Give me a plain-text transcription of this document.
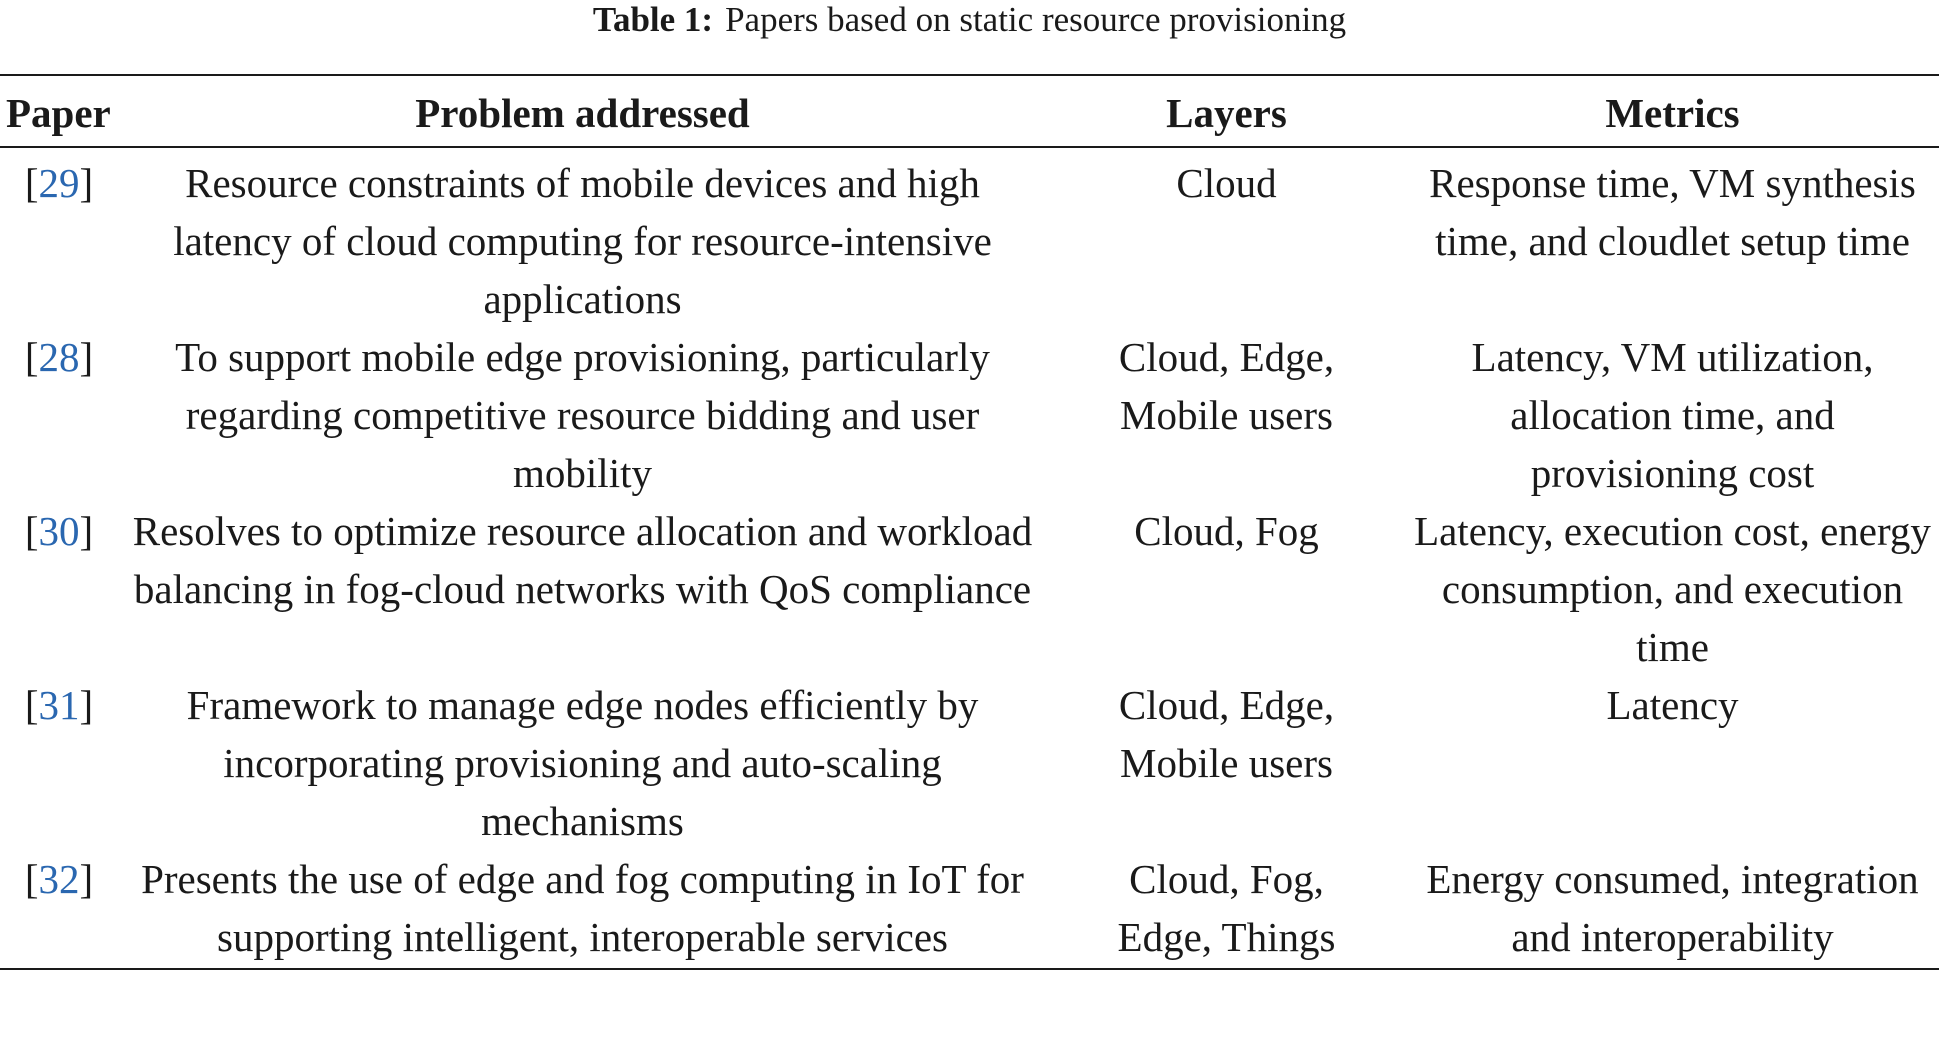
Table 1: Papers based on static resource provisioning
Paper	Problem addressed	Layers	Metrics
[29]	Resource constraints of mobile devices and high latency of cloud computing for resource-intensive applications	Cloud	Response time, VM synthesis time, and cloudlet setup time

[28]	To support mobile edge provisioning, particularly regarding competitive resource bidding and user mobility	Cloud, Edge, Mobile users	Latency, VM utilization, allocation time, and provisioning cost

[30]	Resolves to optimize resource allocation and workload balancing in fog-cloud networks with QoS compliance	Cloud, Fog	Latency, execution cost, energy consumption, and execution time

[31]	Framework to manage edge nodes efficiently by incorporating provisioning and auto-scaling mechanisms	Cloud, Edge, Mobile users	Latency

[32]	Presents the use of edge and fog computing in IoT for supporting intelligent, interoperable services	Cloud, Fog, Edge, Things	Energy consumed, integration and interoperability
